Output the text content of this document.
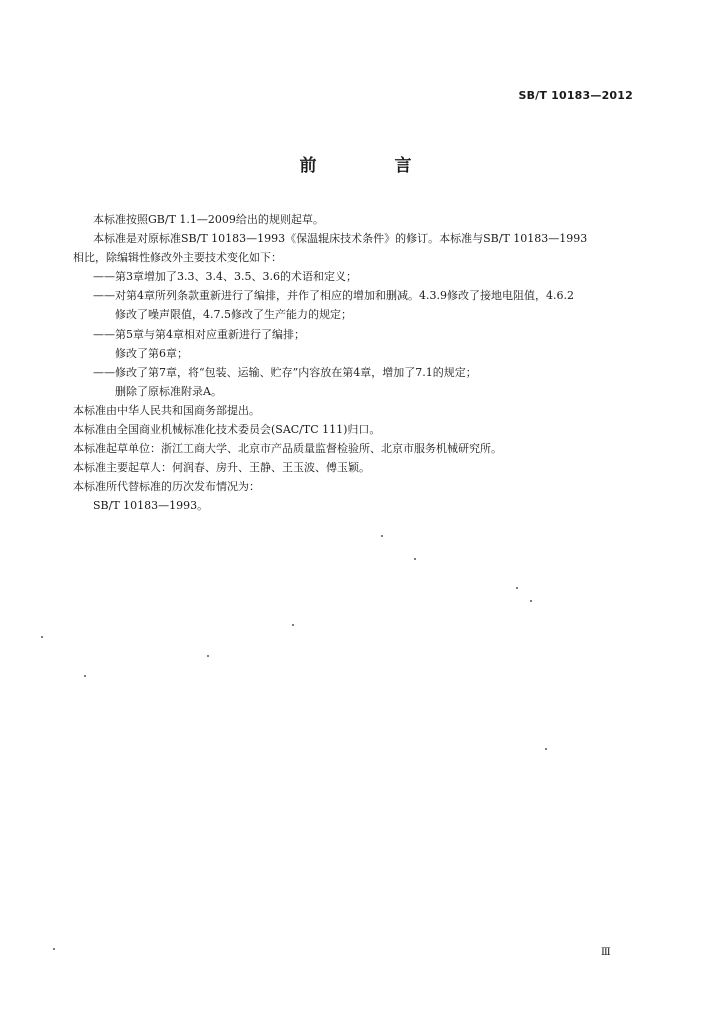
SB/T 10183—2012
前 言
本标准按照GB/T 1.1—2009给出的规则起草。
本标准是对原标准SB/T 10183—1993《保温辊床技术条件》的修订。本标准与SB/T 10183—1993
相比，除编辑性修改外主要技术变化如下：
——第3章增加了3.3、3.4、3.5、3.6的术语和定义；
——对第4章所列条款重新进行了编排，并作了相应的增加和删减。4.3.9修改了接地电阻值，4.6.2
修改了噪声限值，4.7.5修改了生产能力的规定；
——第5章与第4章相对应重新进行了编排；
修改了第6章；
——修改了第7章，将“包装、运输、贮存”内容放在第4章，增加了7.1的规定；
删除了原标准附录A。
本标准由中华人民共和国商务部提出。
本标准由全国商业机械标准化技术委员会(SAC/TC 111)归口。
本标准起草单位：浙江工商大学、北京市产品质量监督检验所、北京市服务机械研究所。
本标准主要起草人：何润春、房升、王静、王玉波、傅玉颖。
本标准所代替标准的历次发布情况为：
SB/T 10183—1993。
Ⅲ
